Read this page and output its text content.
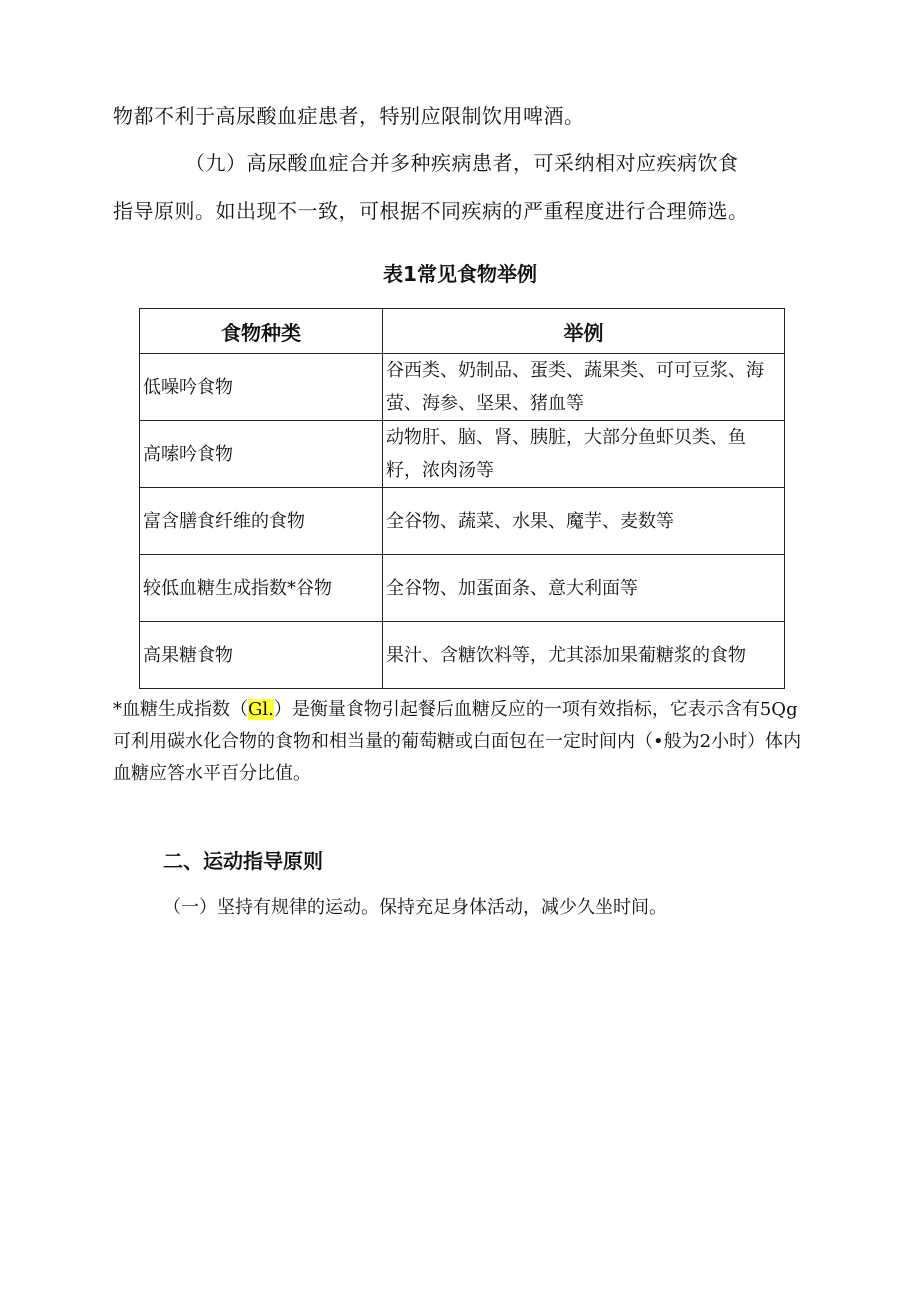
物都不利于高尿酸血症患者，特别应限制饮用啤酒。
（九）高尿酸血症合并多种疾病患者，可采纳相对应疾病饮食
指导原则。如出现不一致，可根据不同疾病的严重程度进行合理筛选。
表1常见食物举例
食物种类	举例
低噪吟食物	谷西类、奶制品、蛋类、蔬果类、可可豆浆、海萤、海参、坚果、猪血等
高嗦吟食物	动物肝、脑、肾、胰脏，大部分鱼虾贝类、鱼籽，浓肉汤等
富含膳食纤维的食物	全谷物、蔬菜、水果、魔芋、麦数等
较低血糖生成指数*谷物	全谷物、加蛋面条、意大利面等
高果糖食物	果汁、含糖饮料等，尤其添加果葡糖浆的食物
*血糖生成指数（Gl.）是衡量食物引起餐后血糖反应的一项有效指标，它表示含有5Qg可利用碳水化合物的食物和相当量的葡萄糖或白面包在一定时间内（•般为2小时）体内血糖应答水平百分比值。
二、运动指导原则
（一）坚持有规律的运动。保持充足身体活动，减少久坐时间。
